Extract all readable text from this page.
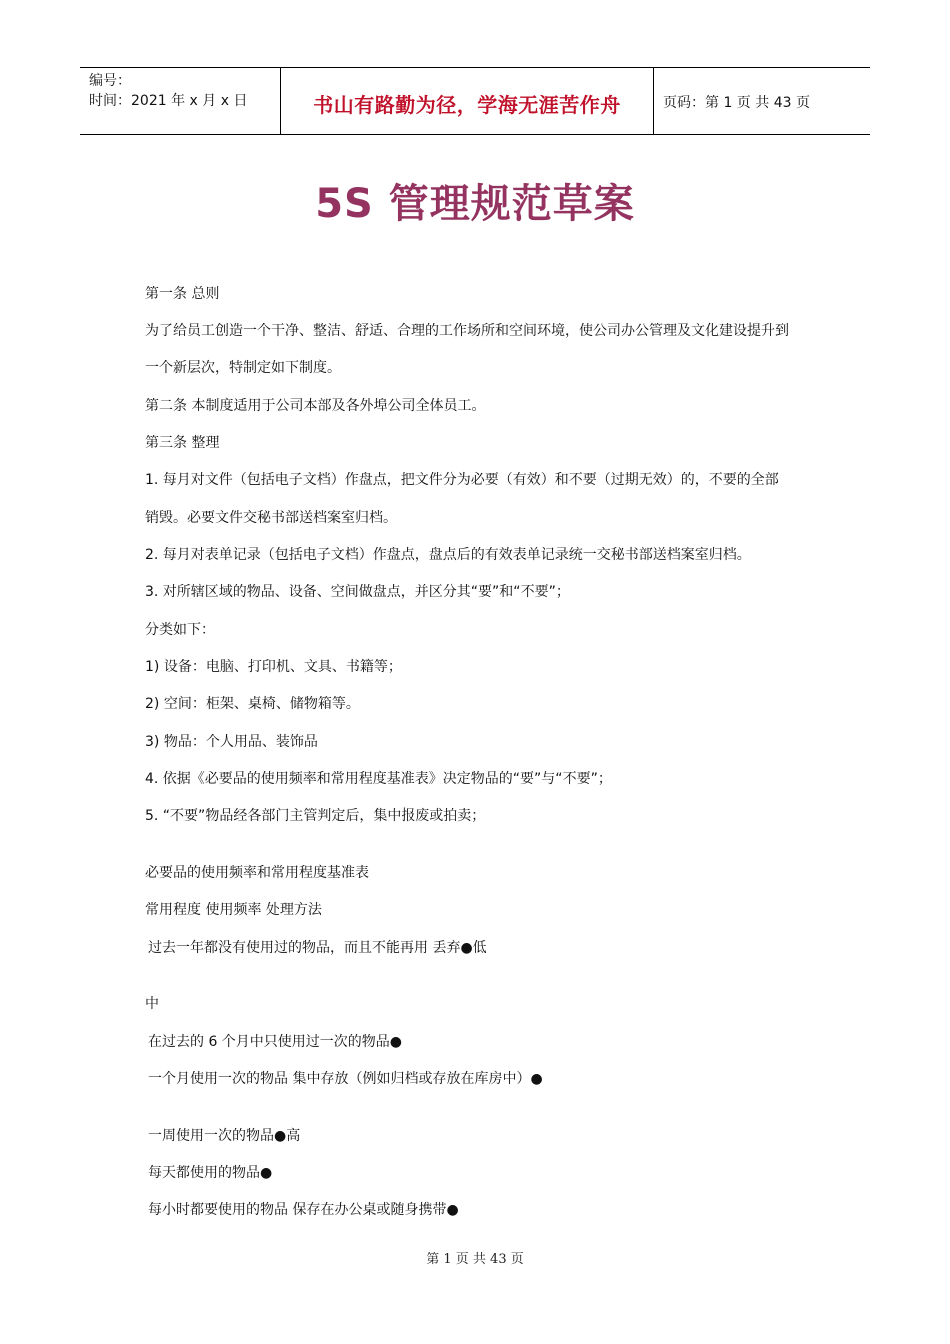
编号：
时间：2021 年 x 月 x 日	书山有路勤为径，学海无涯苦作舟	页码：第 1 页 共 43 页
5S 管理规范草案
第一条 总则
为了给员工创造一个干净、整洁、舒适、合理的工作场所和空间环境，使公司办公管理及文化建设提升到
一个新层次，特制定如下制度。
第二条 本制度适用于公司本部及各外埠公司全体员工。
第三条 整理
1. 每月对文件（包括电子文档）作盘点，把文件分为必要（有效）和不要（过期无效）的，不要的全部
销毁。必要文件交秘书部送档案室归档。
2. 每月对表单记录（包括电子文档）作盘点，盘点后的有效表单记录统一交秘书部送档案室归档。
3. 对所辖区域的物品、设备、空间做盘点，并区分其“要”和“不要”；
分类如下：
1) 设备：电脑、打印机、文具、书籍等；
2) 空间：柜架、桌椅、储物箱等。
3) 物品：个人用品、装饰品
4. 依据《必要品的使用频率和常用程度基准表》决定物品的“要”与“不要”；
5. “不要”物品经各部门主管判定后，集中报废或拍卖；
必要品的使用频率和常用程度基准表
常用程度 使用频率 处理方法
过去一年都没有使用过的物品，而且不能再用 丢弃●低
中
在过去的 6 个月中只使用过一次的物品●
一个月使用一次的物品 集中存放（例如归档或存放在库房中）●
一周使用一次的物品●高
每天都使用的物品●
每小时都要使用的物品 保存在办公桌或随身携带●
第 1 页 共 43 页
